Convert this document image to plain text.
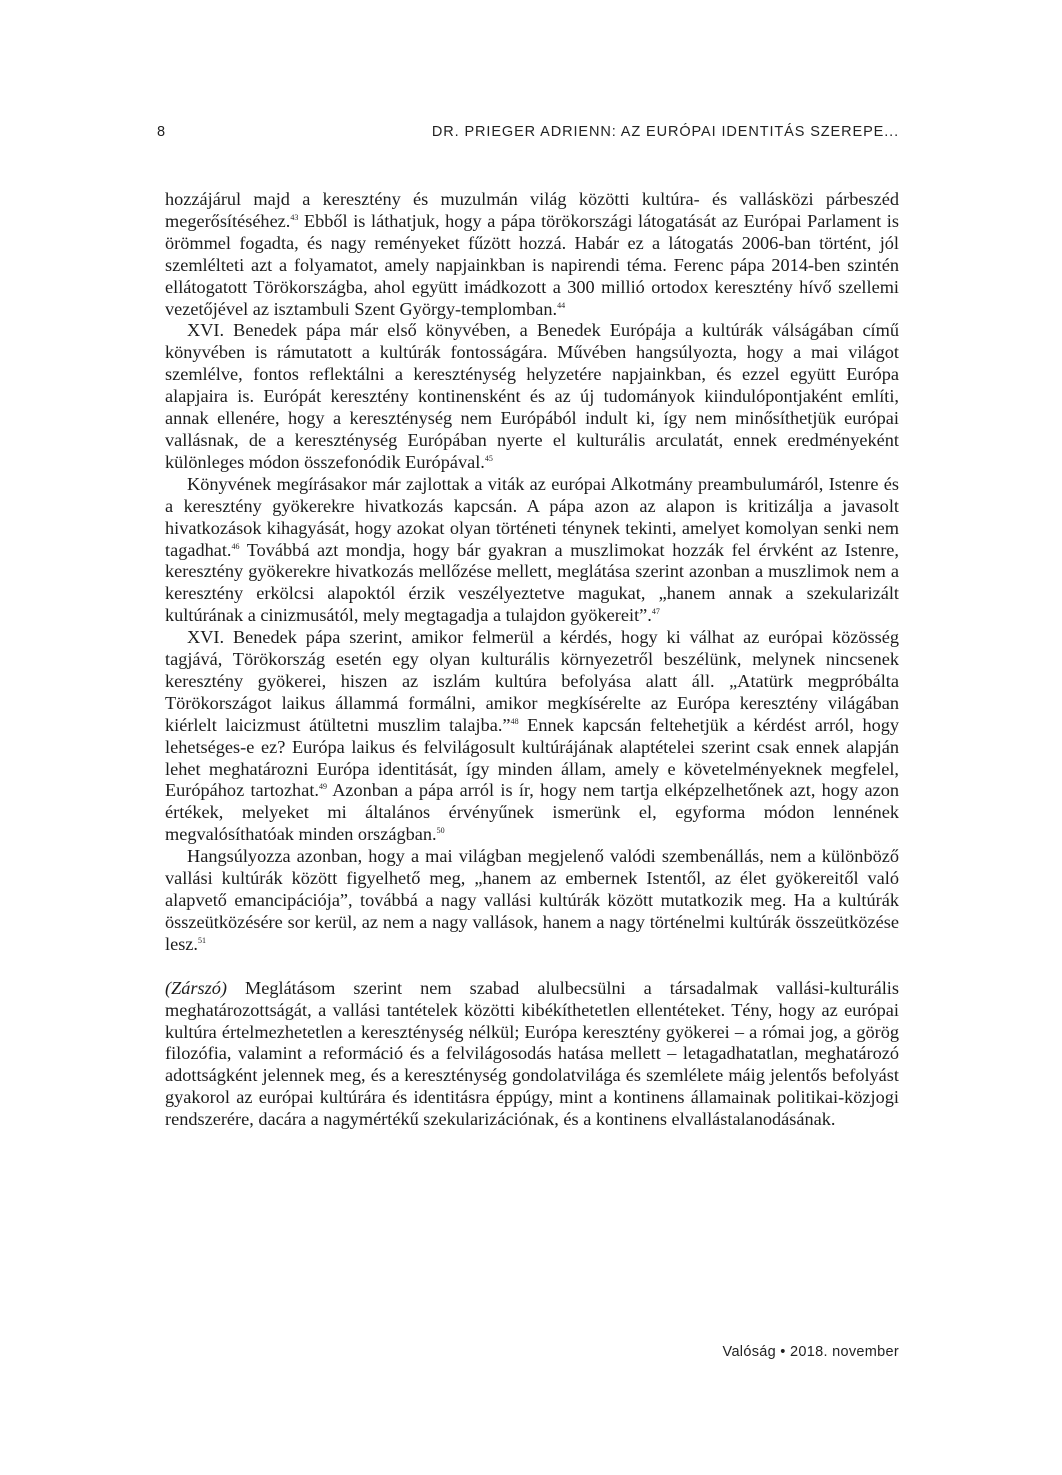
8	DR. PRIEGER ADRIENN: AZ EURÓPAI IDENTITÁS SZEREPE...

hozzájárul majd a keresztény és muzulmán világ közötti kultúra- és vallásközi párbeszéd megerősítéséhez.$^{43}$ Ebből is láthatjuk, hogy a pápa törökországi látogatását az Európai Parlament is örömmel fogadta, és nagy reményeket fűzött hozzá. Habár ez a látogatás 2006-ban történt, jól szemlélteti azt a folyamatot, amely napjainkban is napirendi téma. Ferenc pápa 2014-ben szintén ellátogatott Törökországba, ahol együtt imádkozott a 300 millió ortodox keresztény hívő szellemi vezetőjével az isztambuli Szent György-templomban.$^{44}$

XVI. Benedek pápa már első könyvében, a Benedek Európája a kultúrák válságában című könyvében is rámutatott a kultúrák fontosságára. Művében hangsúlyozta, hogy a mai világot szemlélve, fontos reflektálni a kereszténység helyzetére napjainkban, és ezzel együtt Európa alapjaira is. Európát keresztény kontinensként és az új tudományok kiindulópontjaként említi, annak ellenére, hogy a kereszténység nem Európából indult ki, így nem minősíthetjük európai vallásnak, de a kereszténység Európában nyerte el kulturális arculatát, ennek eredményeként különleges módon összefonódik Európával.$^{45}$

Könyvének megírásakor már zajlottak a viták az európai Alkotmány preambulumáról, Istenre és a keresztény gyökerekre hivatkozás kapcsán. A pápa azon az alapon is kritizálja a javasolt hivatkozások kihagyását, hogy azokat olyan történeti ténynek tekinti, amelyet komolyan senki nem tagadhat.$^{46}$ Továbbá azt mondja, hogy bár gyakran a muszlimokat hozzák fel érvként az Istenre, keresztény gyökerekre hivatkozás mellőzése mellett, meglátása szerint azonban a muszlimok nem a keresztény erkölcsi alapoktól érzik veszélyeztetve magukat, „hanem annak a szekularizált kultúrának a cinizmusától, mely megtagadja a tulajdon gyökereit”.$^{47}$

XVI. Benedek pápa szerint, amikor felmerül a kérdés, hogy ki válhat az európai közösség tagjává, Törökország esetén egy olyan kulturális környezetről beszélünk, melynek nincsenek keresztény gyökerei, hiszen az iszlám kultúra befolyása alatt áll. „Atatürk megpróbálta Törökországot laikus állammá formálni, amikor megkísérelte az Európa keresztény világában kiérlelt laicizmust átültetni muszlim talajba.”$^{48}$ Ennek kapcsán feltehetjük a kérdést arról, hogy lehetséges-e ez? Európa laikus és felvilágosult kultúrájának alaptételei szerint csak ennek alapján lehet meghatározni Európa identitását, így minden állam, amely e követelményeknek megfelel, Európához tartozhat.$^{49}$ Azonban a pápa arról is ír, hogy nem tartja elképzelhetőnek azt, hogy azon értékek, melyeket mi általános érvényűnek ismerünk el, egyforma módon lennének megvalósíthatóak minden országban.$^{50}$

Hangsúlyozza azonban, hogy a mai világban megjelenő valódi szembenállás, nem a különböző vallási kultúrák között figyelhető meg, „hanem az embernek Istentől, az élet gyökereitől való alapvető emancipációja”, továbbá a nagy vallási kultúrák között mutatkozik meg. Ha a kultúrák összeütközésére sor kerül, az nem a nagy vallások, hanem a nagy történelmi kultúrák összeütközése lesz.$^{51}$

(Zárszó) Meglátásom szerint nem szabad alulbecsülni a társadalmak vallási-kulturális meghatározottságát, a vallási tantételek közötti kibékíthetetlen ellentéteket. Tény, hogy az európai kultúra értelmezhetetlen a kereszténység nélkül; Európa keresztény gyökerei – a római jog, a görög filozófia, valamint a reformáció és a felvilágosodás hatása mellett – letagadhatatlan, meghatározó adottságként jelennek meg, és a kereszténység gondolatvilága és szemlélete máig jelentős befolyást gyakorol az európai kultúrára és identitásra éppúgy, mint a kontinens államainak politikai-közjogi rendszerére, dacára a nagymértékű szekularizációnak, és a kontinens elvallástalanodásának.

Valóság • 2018. november
